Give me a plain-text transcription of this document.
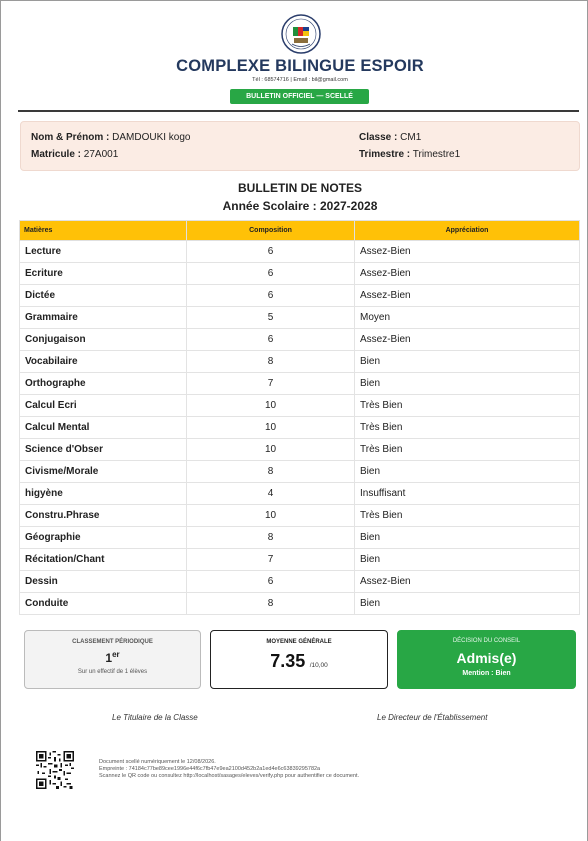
COMPLEXE BILINGUE ESPOIR
Tél : 68574716 | Email : bil@gmail.com
BULLETIN OFFICIEL — SCELLÉ
Nom & Prénom : DAMDOUKI kogo
Matricule : 27A001
Classe : CM1
Trimestre : Trimestre1
BULLETIN DE NOTES
Année Scolaire : 2027-2028
Matières	Composition	Appréciation
Lecture	6	Assez-Bien
Ecriture	6	Assez-Bien
Dictée	6	Assez-Bien
Grammaire	5	Moyen
Conjugaison	6	Assez-Bien
Vocabilaire	8	Bien
Orthographe	7	Bien
Calcul Ecri	10	Très Bien
Calcul Mental	10	Très Bien
Science d'Obser	10	Très Bien
Civisme/Morale	8	Bien
higyène	4	Insuffisant
Constru.Phrase	10	Très Bien
Géographie	8	Bien
Récitation/Chant	7	Bien
Dessin	6	Assez-Bien
Conduite	8	Bien
CLASSEMENT PÉRIODIQUE
1er
Sur un effectif de 1 élèves
MOYENNE GÉNÉRALE
7.35 /10,00
DÉCISION DU CONSEIL
Admis(e)
Mention : Bien
Le Titulaire de la Classe	Le Directeur de l'Établissement
Document scellé numériquement le 12/08/2026.
Empreinte : 74184c77be89cee1996e44f6c7fb47e9ea2100d452b2a1ed4e6c63839295782a
Scannez le QR code ou consultez http://localhost/sasages/eleves/verify.php pour authentifier ce document.
